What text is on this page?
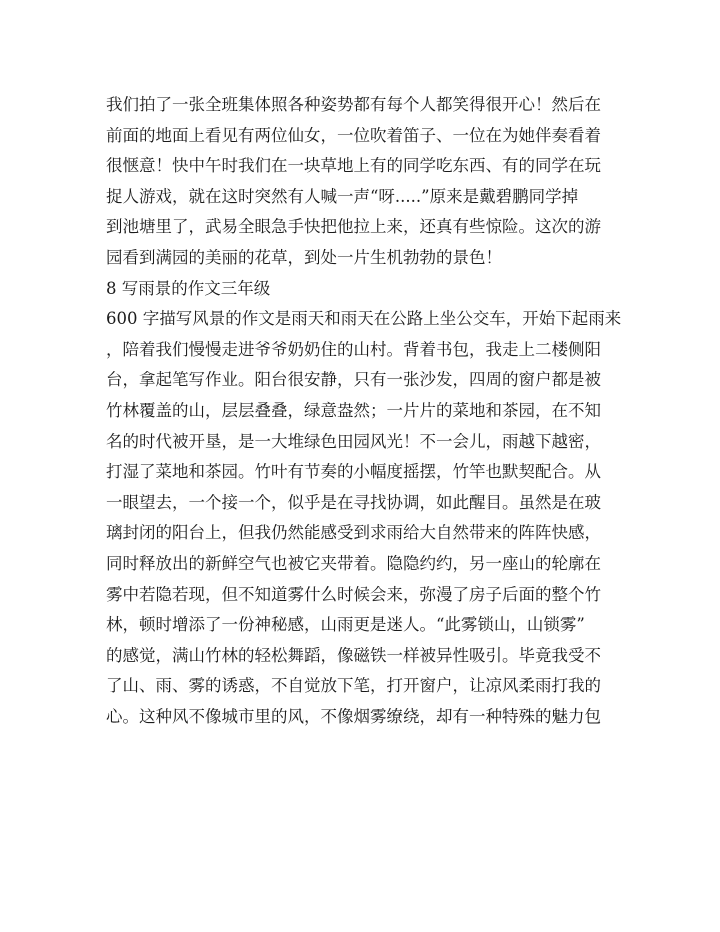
我们拍了一张全班集体照各种姿势都有每个人都笑得很开心！然后在
前面的地面上看见有两位仙女，一位吹着笛子、一位在为她伴奏看着
很惬意！快中午时我们在一块草地上有的同学吃东西、有的同学在玩
捉人游戏，就在这时突然有人喊一声“呀.....”原来是戴碧鹏同学掉
到池塘里了，武易全眼急手快把他拉上来，还真有些惊险。这次的游
园看到满园的美丽的花草，到处一片生机勃勃的景色！
8 写雨景的作文三年级
600 字描写风景的作文是雨天和雨天在公路上坐公交车，开始下起雨来
，陪着我们慢慢走进爷爷奶奶住的山村。背着书包，我走上二楼侧阳
台，拿起笔写作业。阳台很安静，只有一张沙发，四周的窗户都是被
竹林覆盖的山，层层叠叠，绿意盎然；一片片的菜地和茶园，在不知
名的时代被开垦，是一大堆绿色田园风光！不一会儿，雨越下越密，
打湿了菜地和茶园。竹叶有节奏的小幅度摇摆，竹竿也默契配合。从
一眼望去，一个接一个，似乎是在寻找协调，如此醒目。虽然是在玻
璃封闭的阳台上，但我仍然能感受到求雨给大自然带来的阵阵快感，
同时释放出的新鲜空气也被它夹带着。隐隐约约，另一座山的轮廓在
雾中若隐若现，但不知道雾什么时候会来，弥漫了房子后面的整个竹
林，顿时增添了一份神秘感，山雨更是迷人。“此雾锁山，山锁雾”
的感觉，满山竹林的轻松舞蹈，像磁铁一样被异性吸引。毕竟我受不
了山、雨、雾的诱惑，不自觉放下笔，打开窗户，让凉风柔雨打我的
心。这种风不像城市里的风，不像烟雾缭绕，却有一种特殊的魅力包
